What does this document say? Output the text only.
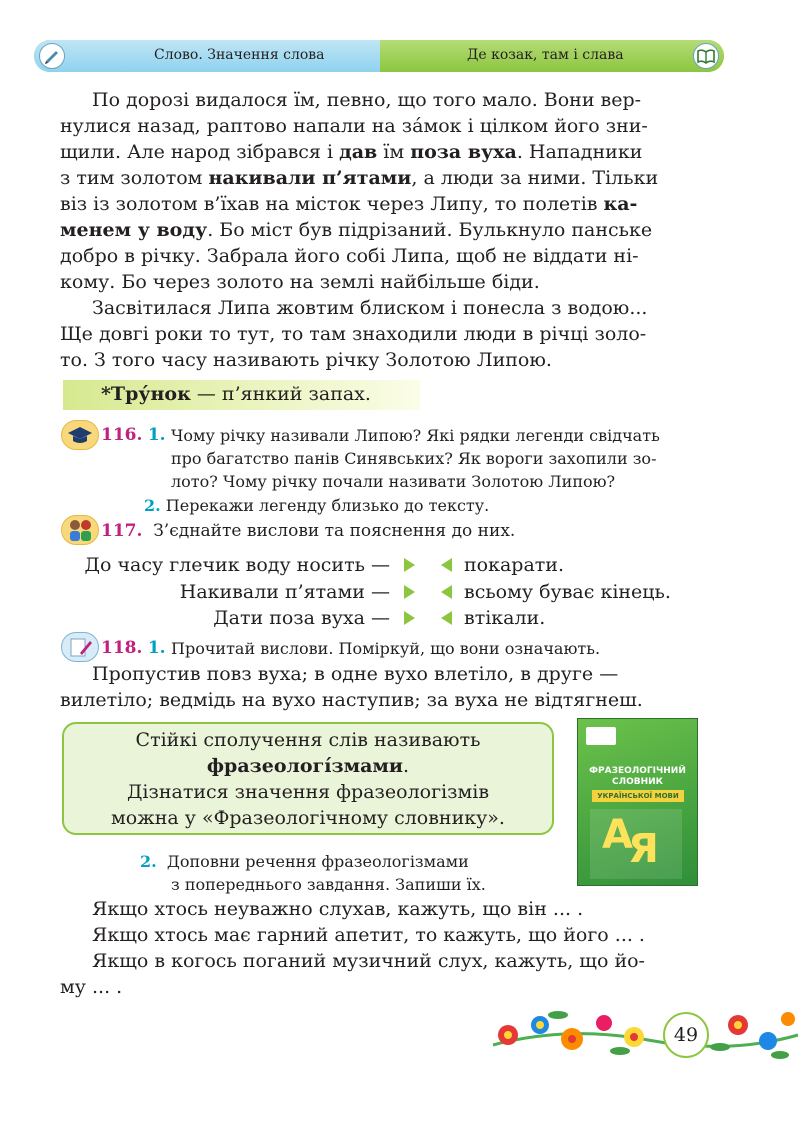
Слово. Значення слова	Де козак, там і слава
По дорозі видалося їм, певно, що того мало. Вони вер-
нулися назад, раптово напали на за́мок і цілком його зни-
щили. Але народ зібрався і дав їм поза вуха. Нападники
з тим золотом накивали п’ятами, а люди за ними. Тільки
віз із золотом в’їхав на місток через Липу, то полетів ка-
менем у воду. Бо міст був підрізаний. Булькнуло панське
добро в річку. Забрала його собі Липа, щоб не віддати ні-
кому. Бо через золото на землі найбільше біди.
Засвітилася Липа жовтим блиском і понесла з водою...
Ще довгі роки то тут, то там знаходили люди в річці золо-
то. З того часу називають річку Золотою Липою.
*Тру́нок — п’янкий запах.
116. 1. Чому річку називали Липою? Які рядки легенди свідчать
про багатство панів Синявських? Як вороги захопили зо-
лото? Чому річку почали називати Золотою Липою?
2. Перекажи легенду близько до тексту.
117. З’єднайте вислови та пояснення до них.
До часу глечик воду носить —
Накивали п’ятами —
Дати поза вуха —
покарати.
всьому буває кінець.
втікали.
118. 1. Прочитай вислови. Поміркуй, що вони означають.
Пропустив повз вуха; в одне вухо влетіло, в друге —
вилетіло; ведмідь на вухо наступив; за вуха не відтягнеш.
Стійкі сполучення слів називають
фразеологі́змами.
Дізнатися значення фразеологізмів
можна у «Фразеологічному словнику».
ФРАЗЕОЛОГІЧНИЙ
СЛОВНИК
УКРАЇНСЬКОЇ МОВИ
А
Я
2. Доповни речення фразеологізмами
з попереднього завдання. Запиши їх.
Якщо хтось неуважно слухав, кажуть, що він ... .
Якщо хтось має гарний апетит, то кажуть, що його ... .
Якщо в когось поганий музичний слух, кажуть, що йо-
му ... .
49
